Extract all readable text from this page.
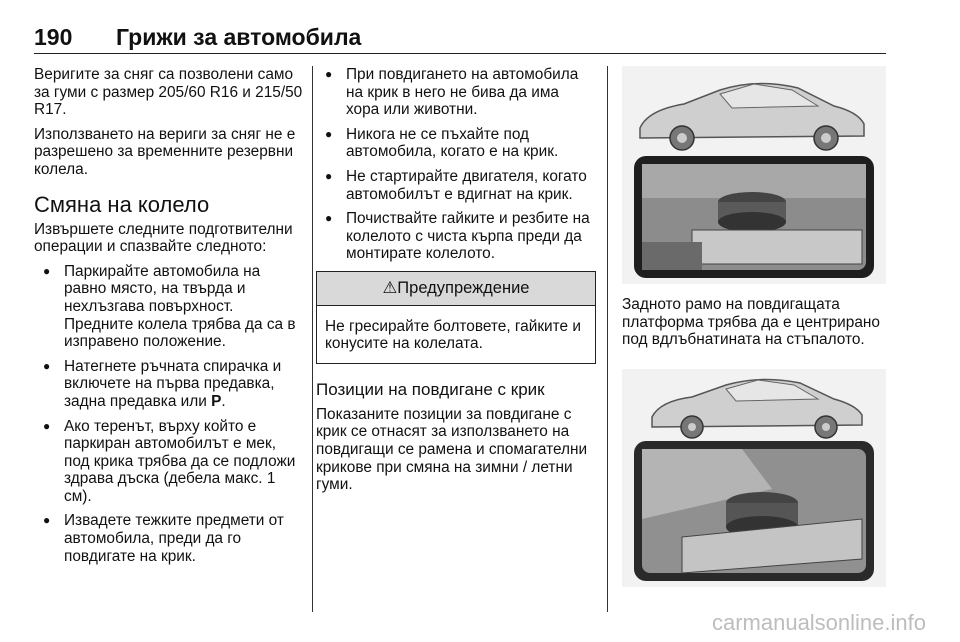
190 Грижи за автомобила

Веригите за сняг са позволени само за гуми с размер 205/60 R16 и 215/50 R17.

Използването на вериги за сняг не е разрешено за временните резервни колела.

Смяна на колело

Извършете следните подготвителни операции и спазвайте следното:

● Паркирайте автомобила на равно място, на твърда и нехлъзгава повърхност. Предните колела трябва да са в изправено положение.
● Натегнете ръчната спирачка и включете на първа предавка, задна предавка или P.
● Ако теренът, върху който е паркиран автомобилът е мек, под крика трябва да се подложи здрава дъска (дебела макс. 1 см).
● Извадете тежките предмети от автомобила, преди да го повдигате на крик.
● При повдигането на автомобила на крик в него не бива да има хора или животни.
● Никога не се пъхайте под автомобила, когато е на крик.
● Не стартирайте двигателя, когато автомобилът е вдигнат на крик.
● Почиствайте гайките и резбите на колелото с чиста кърпа преди да монтирате колелото.
⚠Предупреждение
Не гресирайте болтовете, гайките и конусите на колелата.
Позиции на повдигане с крик

Показаните позиции за повдигане с крик се отнасят за използването на повдигащи се рамена и спомагателни крикове при смяна на зимни / летни гуми.

Задното рамо на повдигащата платформа трябва да е центрирано под вдлъбнатината на стъпалото.

carmanualsonline.info
